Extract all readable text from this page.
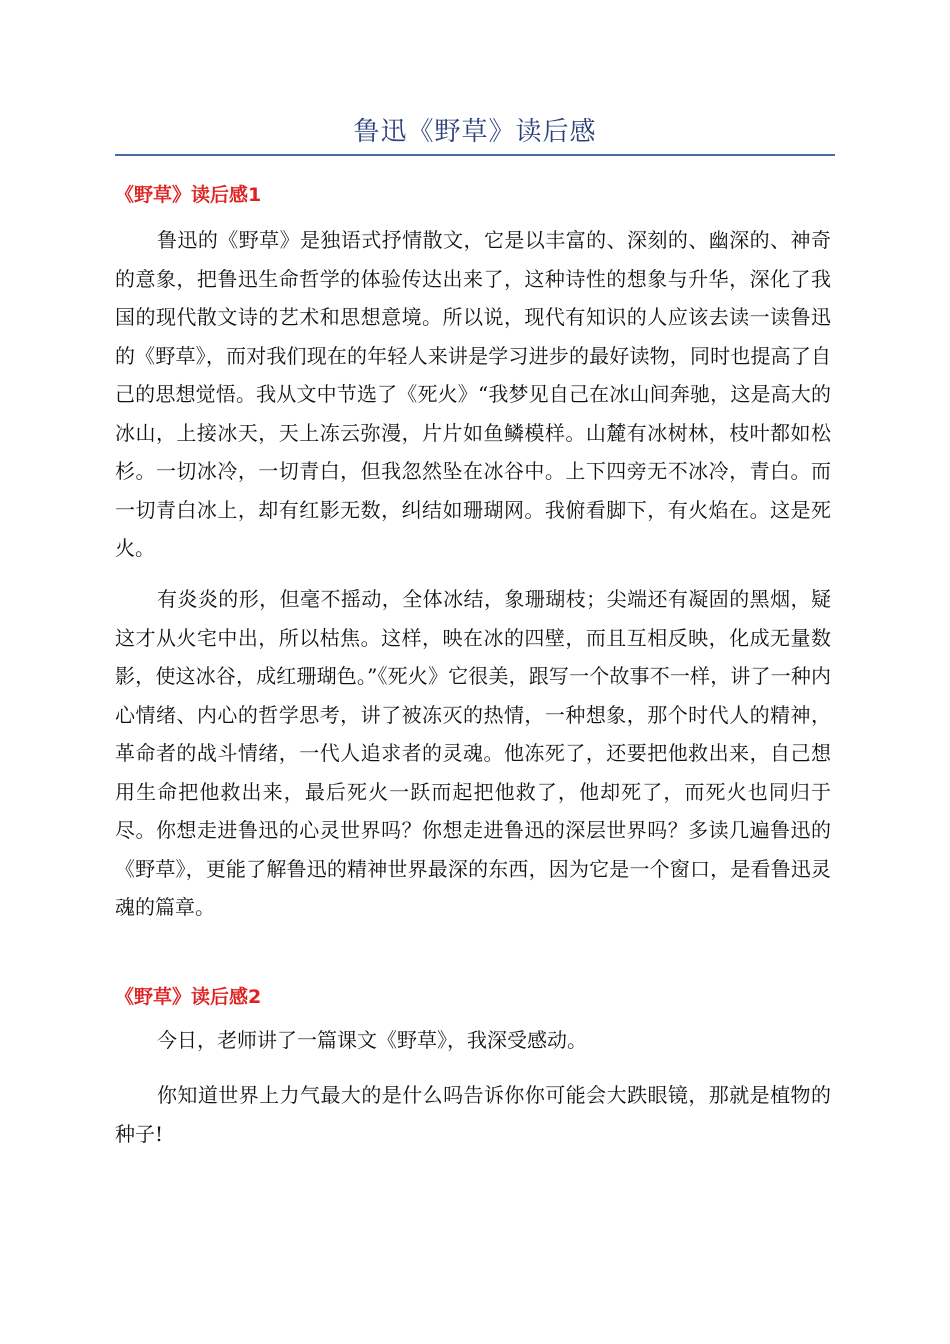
鲁迅《野草》读后感
《野草》读后感1

鲁迅的《野草》是独语式抒情散文，它是以丰富的、深刻的、幽深的、神奇的意象，把鲁迅生命哲学的体验传达出来了，这种诗性的想象与升华，深化了我国的现代散文诗的艺术和思想意境。所以说，现代有知识的人应该去读一读鲁迅的《野草》，而对我们现在的年轻人来讲是学习进步的最好读物，同时也提高了自己的思想觉悟。我从文中节选了《死火》“我梦见自己在冰山间奔驰，这是高大的冰山，上接冰天，天上冻云弥漫，片片如鱼鳞模样。山麓有冰树林，枝叶都如松杉。一切冰冷，一切青白，但我忽然坠在冰谷中。上下四旁无不冰冷，青白。而一切青白冰上，却有红影无数，纠结如珊瑚网。我俯看脚下，有火焰在。这是死火。

有炎炎的形，但毫不摇动，全体冰结，象珊瑚枝；尖端还有凝固的黑烟，疑这才从火宅中出，所以枯焦。这样，映在冰的四壁，而且互相反映，化成无量数影，使这冰谷，成红珊瑚色。”《死火》它很美，跟写一个故事不一样，讲了一种内心情绪、内心的哲学思考，讲了被冻灭的热情，一种想象，那个时代人的精神，革命者的战斗情绪，一代人追求者的灵魂。他冻死了，还要把他救出来，自己想用生命把他救出来，最后死火一跃而起把他救了，他却死了，而死火也同归于尽。你想走进鲁迅的心灵世界吗？你想走进鲁迅的深层世界吗？多读几遍鲁迅的《野草》，更能了解鲁迅的精神世界最深的东西，因为它是一个窗口，是看鲁迅灵魂的篇章。

《野草》读后感2

今日，老师讲了一篇课文《野草》，我深受感动。

你知道世界上力气最大的是什么吗告诉你你可能会大跌眼镜，那就是植物的种子!
